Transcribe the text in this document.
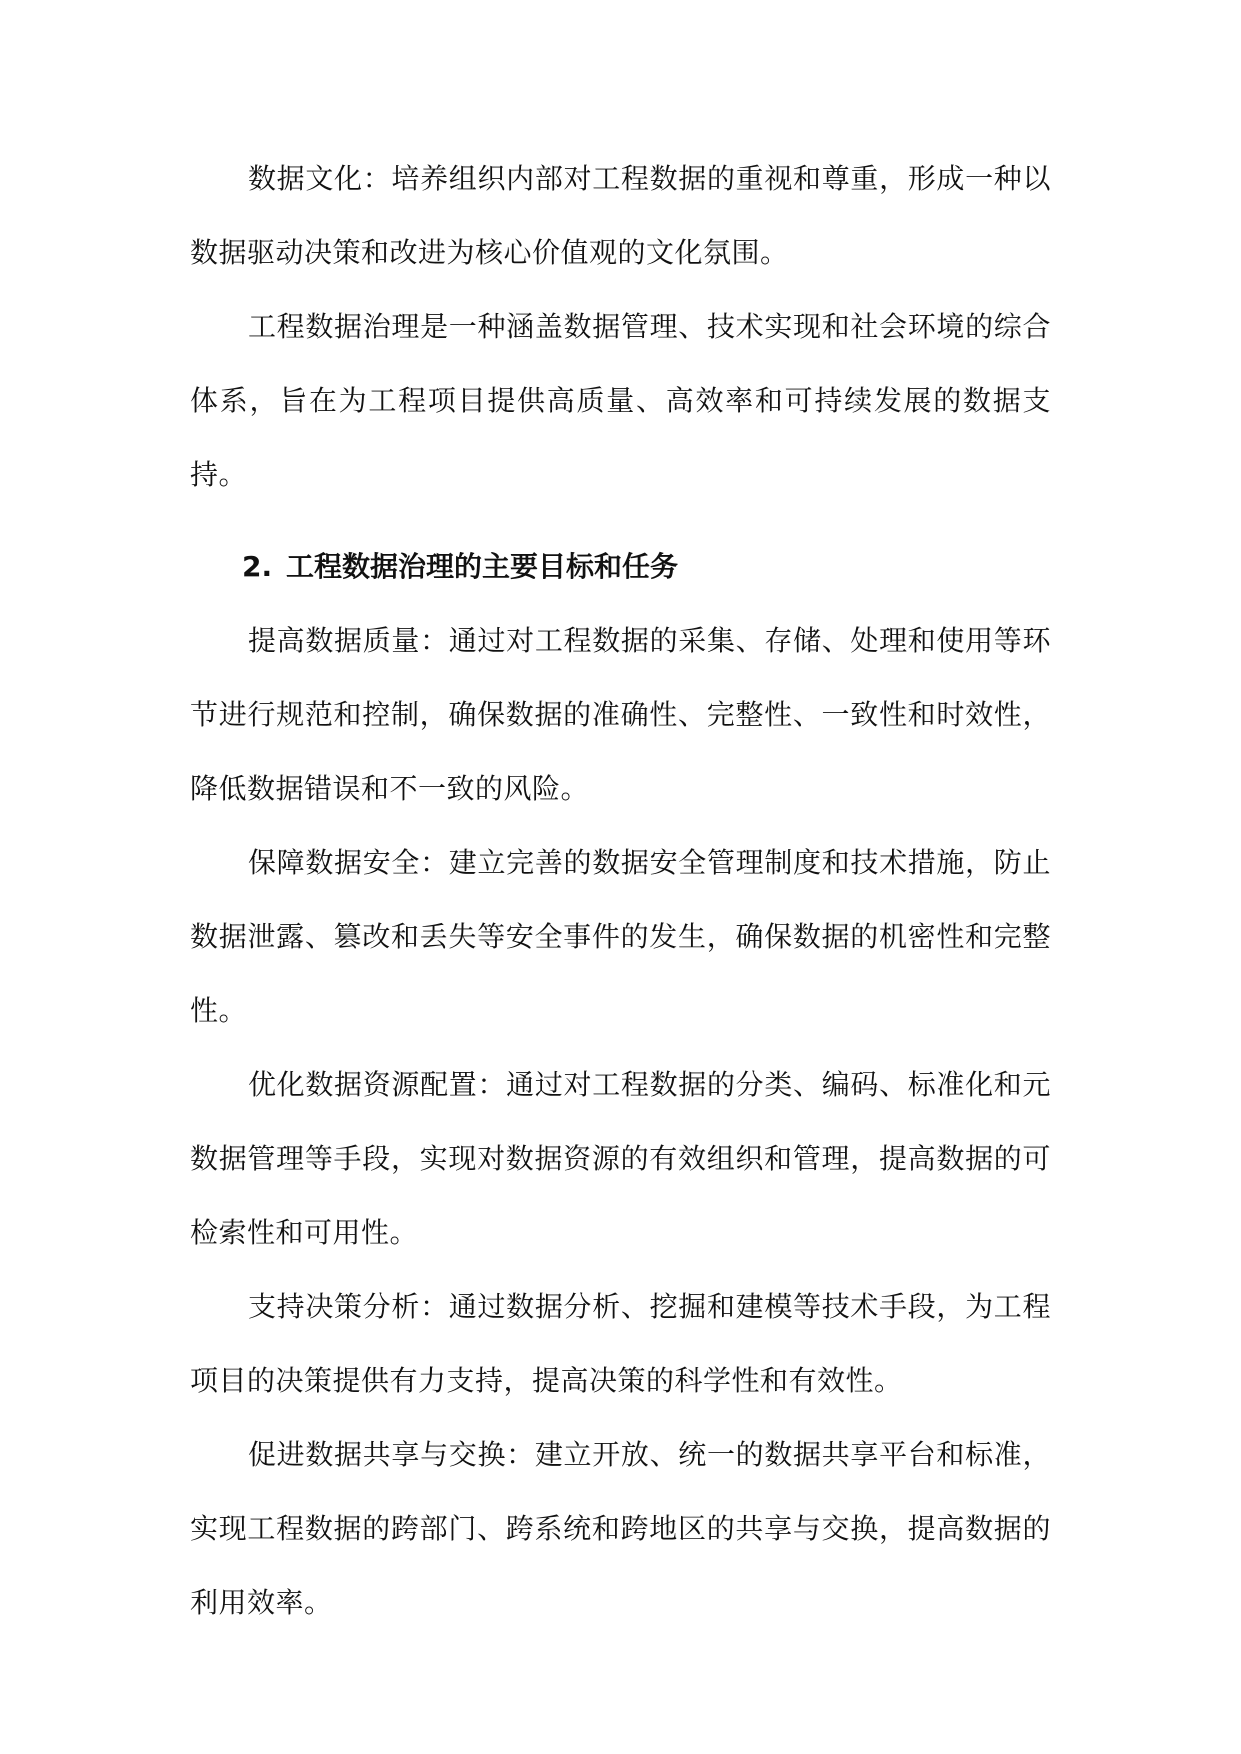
数据文化：培养组织内部对工程数据的重视和尊重，形成一种以数据驱动决策和改进为核心价值观的文化氛围。

工程数据治理是一种涵盖数据管理、技术实现和社会环境的综合体系，旨在为工程项目提供高质量、高效率和可持续发展的数据支持。

2. 工程数据治理的主要目标和任务

提高数据质量：通过对工程数据的采集、存储、处理和使用等环节进行规范和控制，确保数据的准确性、完整性、一致性和时效性，降低数据错误和不一致的风险。

保障数据安全：建立完善的数据安全管理制度和技术措施，防止数据泄露、篡改和丢失等安全事件的发生，确保数据的机密性和完整性。

优化数据资源配置：通过对工程数据的分类、编码、标准化和元数据管理等手段，实现对数据资源的有效组织和管理，提高数据的可检索性和可用性。

支持决策分析：通过数据分析、挖掘和建模等技术手段，为工程项目的决策提供有力支持，提高决策的科学性和有效性。

促进数据共享与交换：建立开放、统一的数据共享平台和标准，实现工程数据的跨部门、跨系统和跨地区的共享与交换，提高数据的利用效率。
